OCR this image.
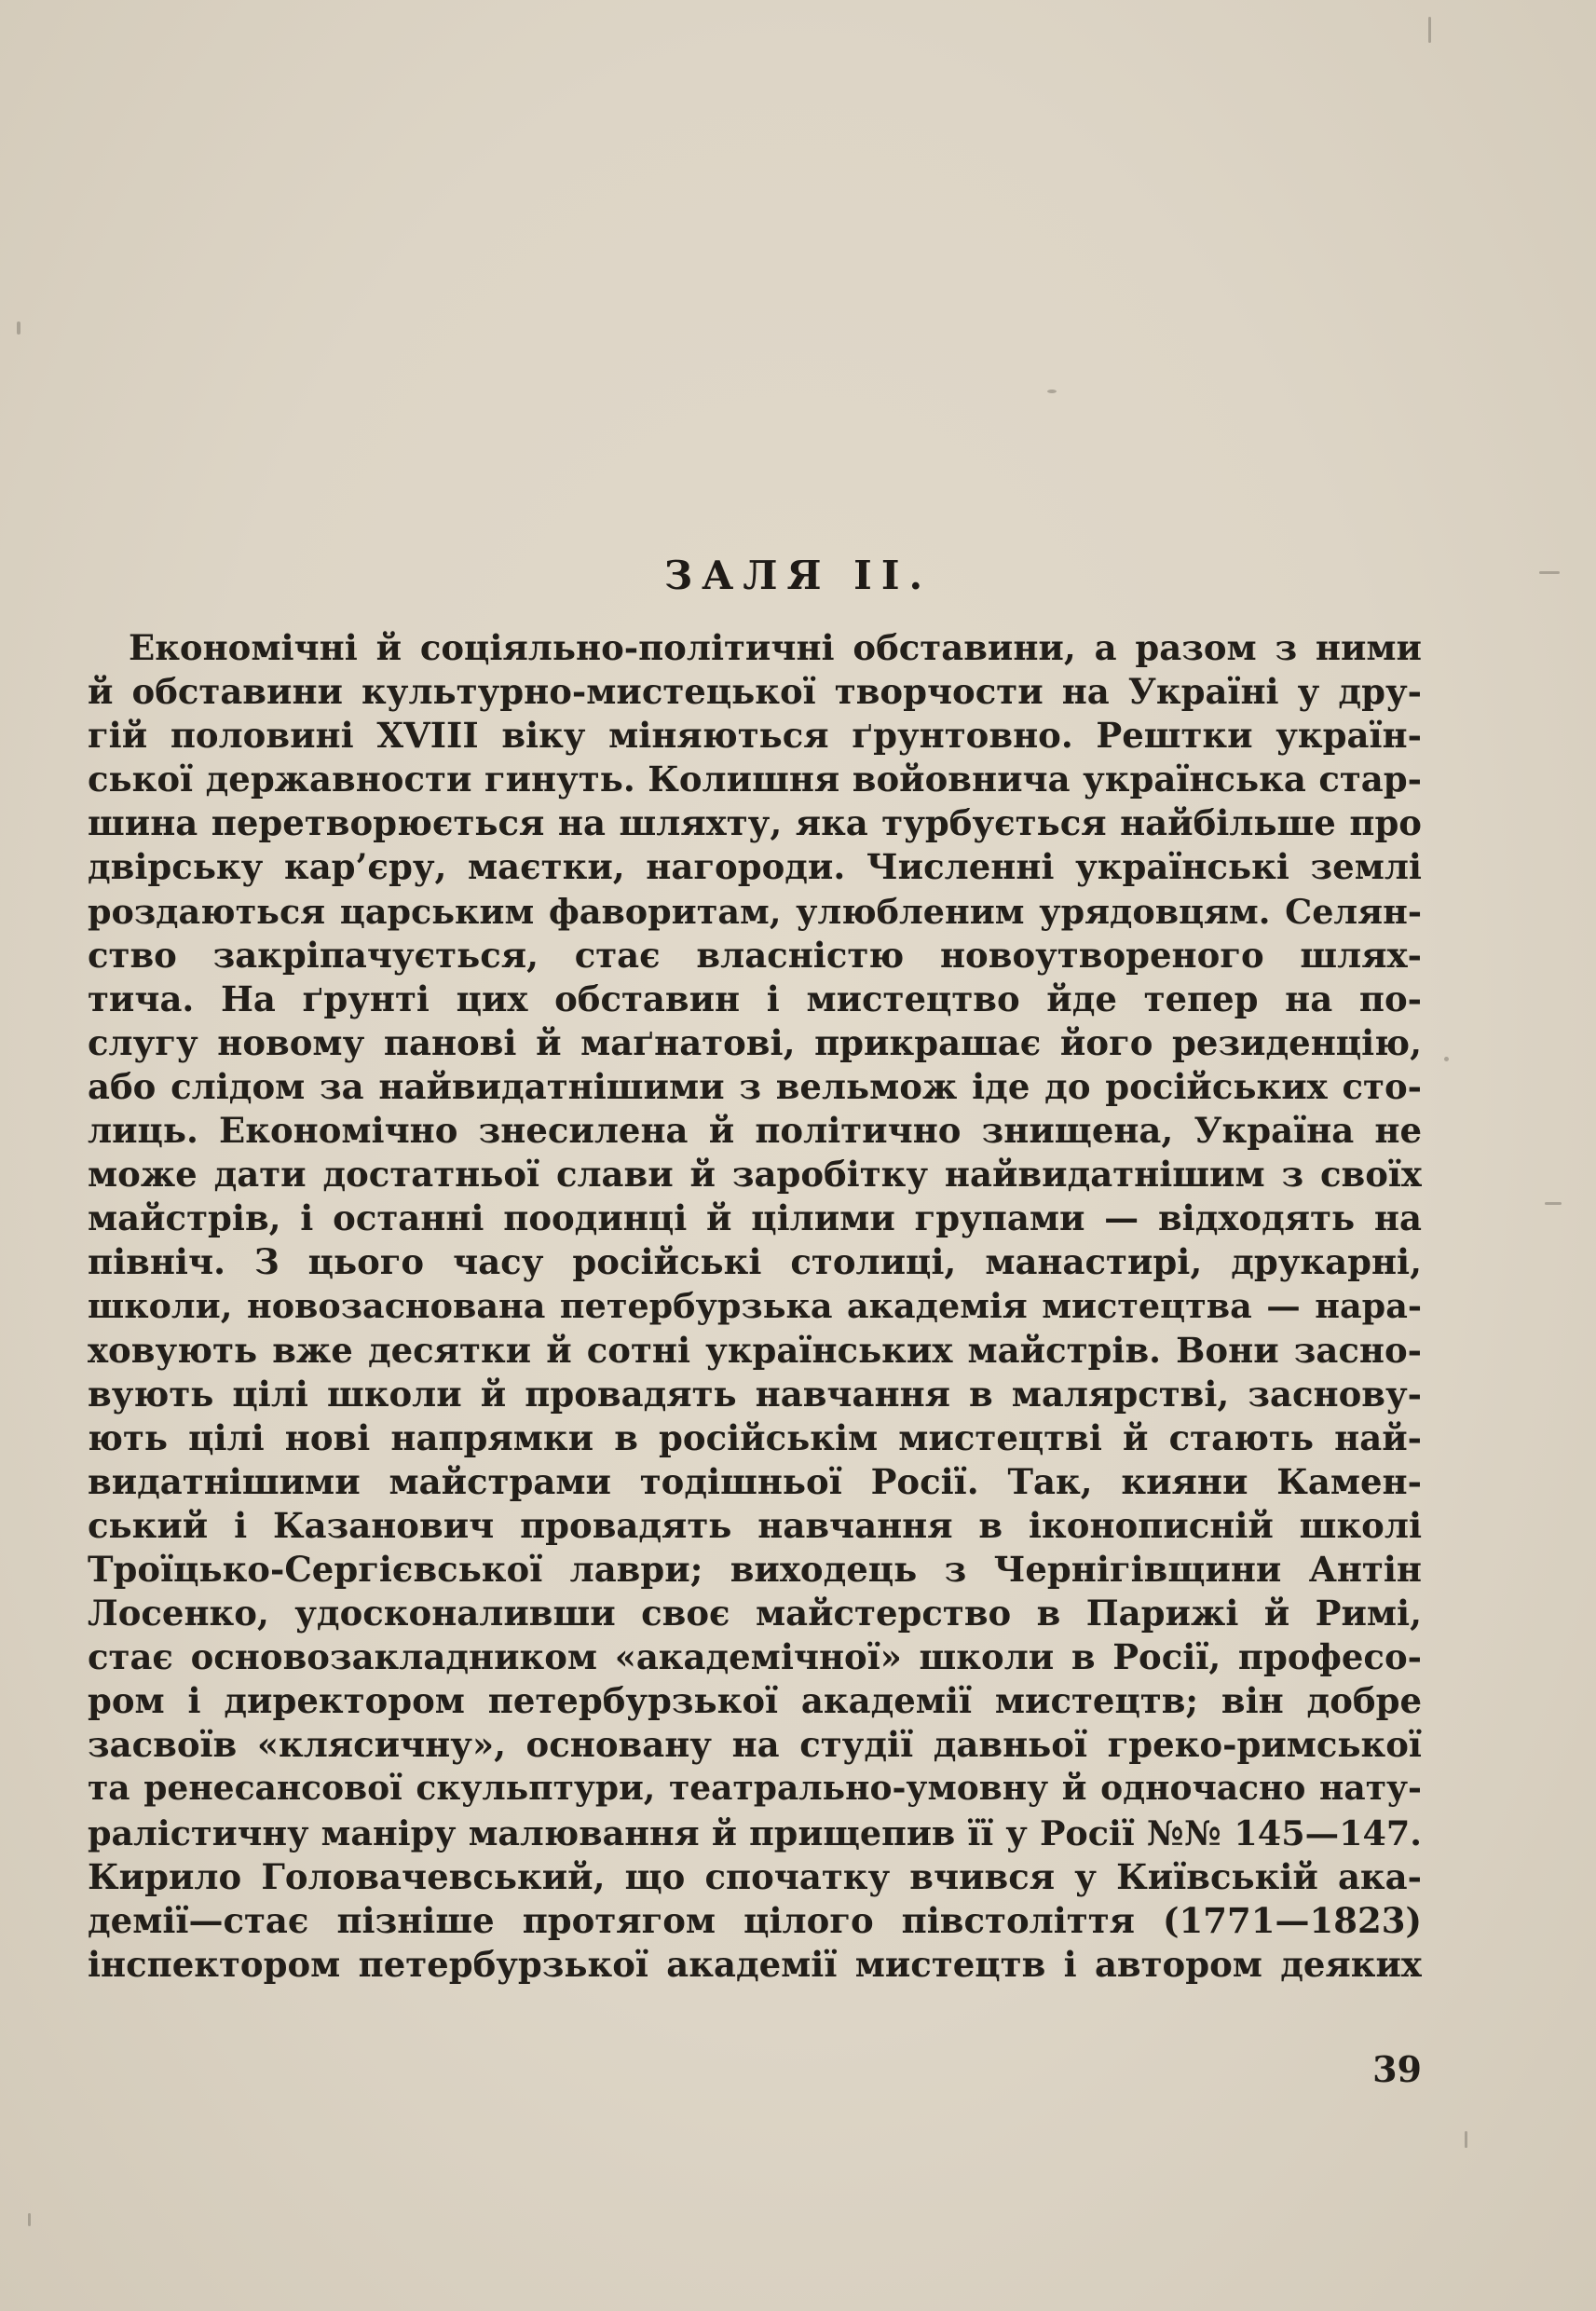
ЗАЛЯ II.
Економічні й соціяльно-політичні обставини, а разом з ними
й обставини культурно-мистецької творчости на Україні у дру-
гій половині XVIII віку міняються ґрунтовно. Рештки україн-
ської державности гинуть. Колишня войовнича українська стар-
шина перетворюється на шляхту, яка турбується найбільше про
двірську кар’єру, маєтки, нагороди. Численні українські землі
роздаються царським фаворитам, улюбленим урядовцям. Селян-
ство закріпачується, стає власністю новоутвореного шлях-
тича. На ґрунті цих обставин і мистецтво йде тепер на по-
слугу новому панові й маґнатові, прикрашає його резиденцію,
або слідом за найвидатнішими з вельмож іде до російських сто-
лиць. Економічно знесилена й політично знищена, Україна не
може дати достатньої слави й заробітку найвидатнішим з своїх
майстрів, і останні поодинці й цілими групами — відходять на
північ. З цього часу російські столиці, манастирі, друкарні,
школи, новозаснована петербурзька академія мистецтва — нара-
ховують вже десятки й сотні українських майстрів. Вони засно-
вують цілі школи й провадять навчання в малярстві, заснову-
ють цілі нові напрямки в російськім мистецтві й стають най-
видатнішими майстрами тодішньої Росії. Так, кияни Камен-
ський і Казанович провадять навчання в іконописній школі
Троїцько-Сергієвської лаври; виходець з Чернігівщини Антін
Лосенко, удосконаливши своє майстерство в Парижі й Римі,
стає основозакладником «академічної» школи в Росії, професо-
ром і директором петербурзької академії мистецтв; він добре
засвоїв «клясичну», основану на студії давньої греко-римської
та ренесансової скульптури, театрально-умовну й одночасно нату-
ралістичну маніру малювання й прищепив її у Росії №№ 145—147.
Кирило Головачевський, що спочатку вчився у Київській ака-
демії—стає пізніше протягом цілого півстоліття (1771—1823)
інспектором петербурзької академії мистецтв і автором деяких
39
